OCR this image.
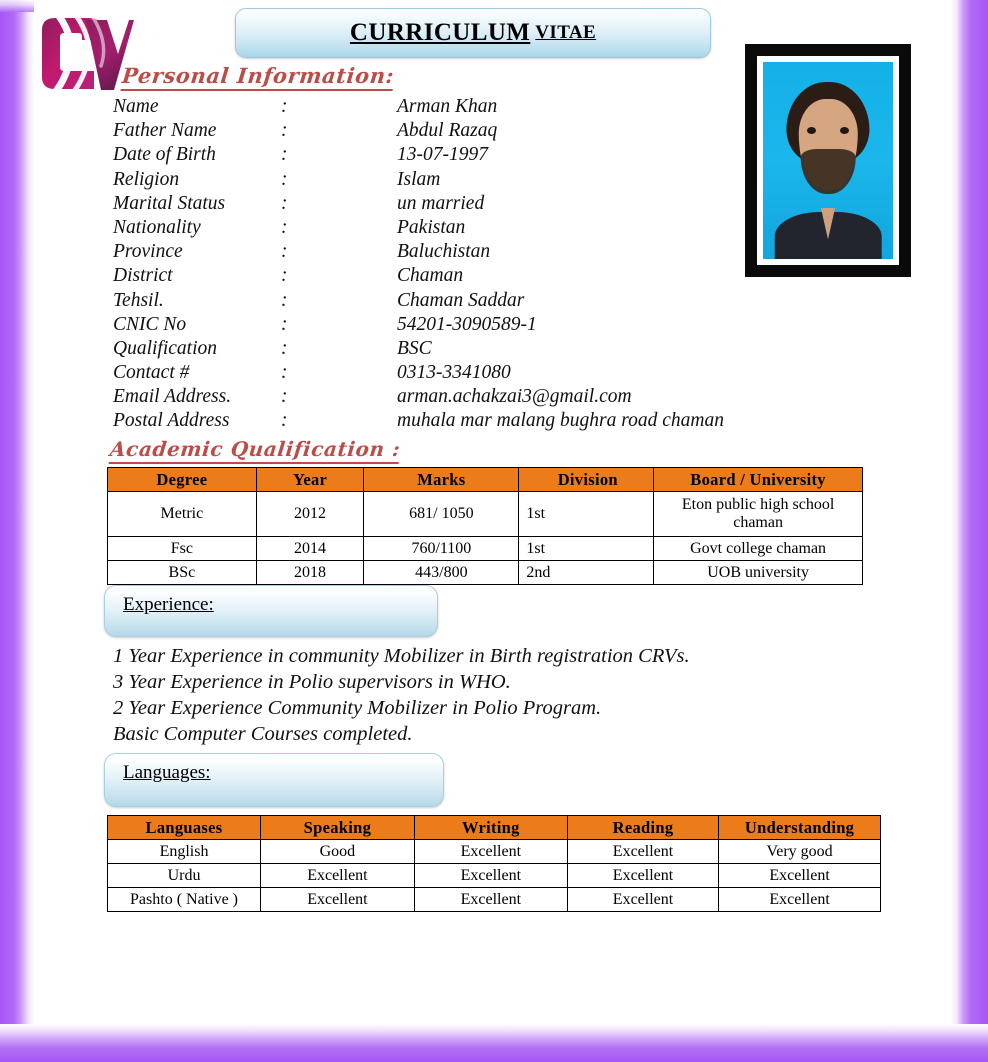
CURRICULUM VITAE
Personal Information:
Name	:	Arman Khan
Father Name	:	Abdul Razaq
Date of Birth	:	13-07-1997
Religion	:	Islam
Marital Status	:	un married
Nationality	:	Pakistan
Province	:	Baluchistan
District	:	Chaman
Tehsil.	:	Chaman Saddar
CNIC No	:	54201-3090589-1
Qualification	:	BSC
Contact #	:	0313-3341080
Email Address.	:	arman.achakzai3@gmail.com
Postal Address	:	muhala mar malang bughra road chaman
Academic Qualification :
Degree	Year	Marks	Division	Board / University
Metric	2012	681/ 1050	1st	Eton public high school chaman
Fsc	2014	760/1100	1st	Govt college chaman
BSc	2018	443/800	2nd	UOB university
Experience:
1 Year Experience in community Mobilizer in Birth registration CRVs.
3 Year Experience in Polio supervisors in WHO.
2 Year Experience Community Mobilizer in Polio Program.
Basic Computer Courses completed.
Languages:
Languases	Speaking	Writing	Reading	Understanding
English	Good	Excellent	Excellent	Very good
Urdu	Excellent	Excellent	Excellent	Excellent
Pashto ( Native )	Excellent	Excellent	Excellent	Excellent
